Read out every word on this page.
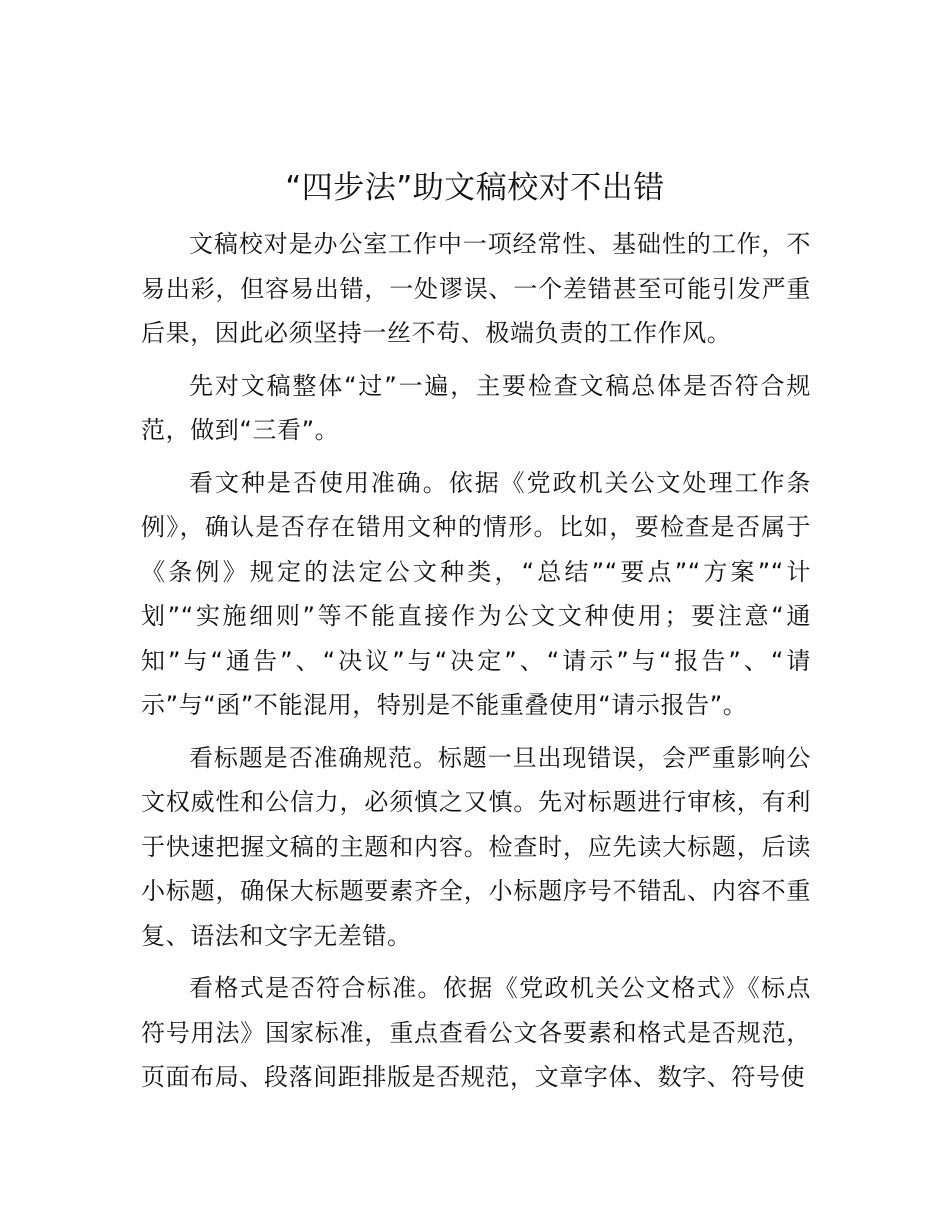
“四步法”助文稿校对不出错

文稿校对是办公室工作中一项经常性、基础性的工作，不易出彩，但容易出错，一处谬误、一个差错甚至可能引发严重后果，因此必须坚持一丝不苟、极端负责的工作作风。

先对文稿整体“过”一遍，主要检查文稿总体是否符合规范，做到“三看”。

看文种是否使用准确。依据《党政机关公文处理工作条例》，确认是否存在错用文种的情形。比如，要检查是否属于《条例》规定的法定公文种类，“总结”“要点”“方案”“计划”“实施细则”等不能直接作为公文文种使用；要注意“通知”与“通告”、“决议”与“决定”、“请示”与“报告”、“请示”与“函”不能混用，特别是不能重叠使用“请示报告”。

看标题是否准确规范。标题一旦出现错误，会严重影响公文权威性和公信力，必须慎之又慎。先对标题进行审核，有利于快速把握文稿的主题和内容。检查时，应先读大标题，后读小标题，确保大标题要素齐全，小标题序号不错乱、内容不重复、语法和文字无差错。

看格式是否符合标准。依据《党政机关公文格式》《标点符号用法》国家标准，重点查看公文各要素和格式是否规范，页面布局、段落间距排版是否规范，文章字体、数字、符号使
